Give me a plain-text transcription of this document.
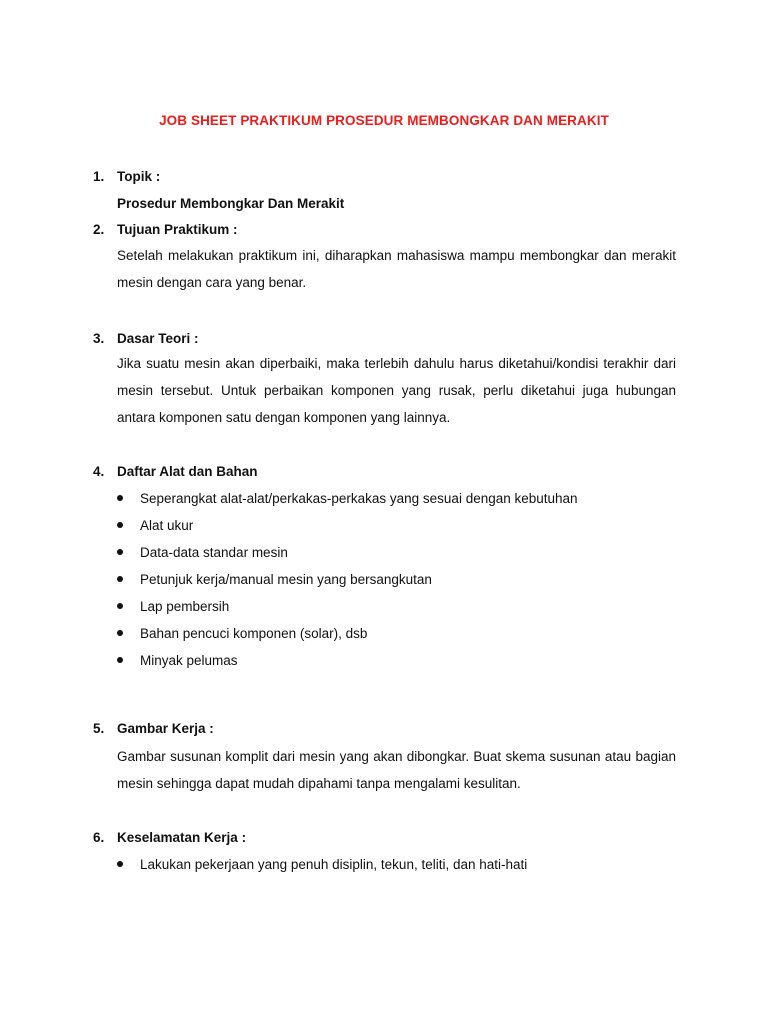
JOB SHEET PRAKTIKUM PROSEDUR MEMBONGKAR DAN MERAKIT
1. Topik :
Prosedur Membongkar Dan Merakit
2. Tujuan Praktikum :
Setelah melakukan praktikum ini, diharapkan mahasiswa mampu membongkar dan merakit mesin dengan cara yang benar.
3. Dasar Teori :
Jika suatu mesin akan diperbaiki, maka terlebih dahulu harus diketahui/kondisi terakhir dari mesin tersebut. Untuk perbaikan komponen yang rusak, perlu diketahui juga hubungan antara komponen satu dengan komponen yang lainnya.
4. Daftar Alat dan Bahan
Seperangkat alat-alat/perkakas-perkakas yang sesuai dengan kebutuhan
Alat ukur
Data-data standar mesin
Petunjuk kerja/manual mesin yang bersangkutan
Lap pembersih
Bahan pencuci komponen (solar), dsb
Minyak pelumas
5. Gambar Kerja :
Gambar susunan komplit dari mesin yang akan dibongkar. Buat skema susunan atau bagian mesin sehingga dapat mudah dipahami tanpa mengalami kesulitan.
6. Keselamatan Kerja :
Lakukan pekerjaan yang penuh disiplin, tekun, teliti, dan hati-hati
